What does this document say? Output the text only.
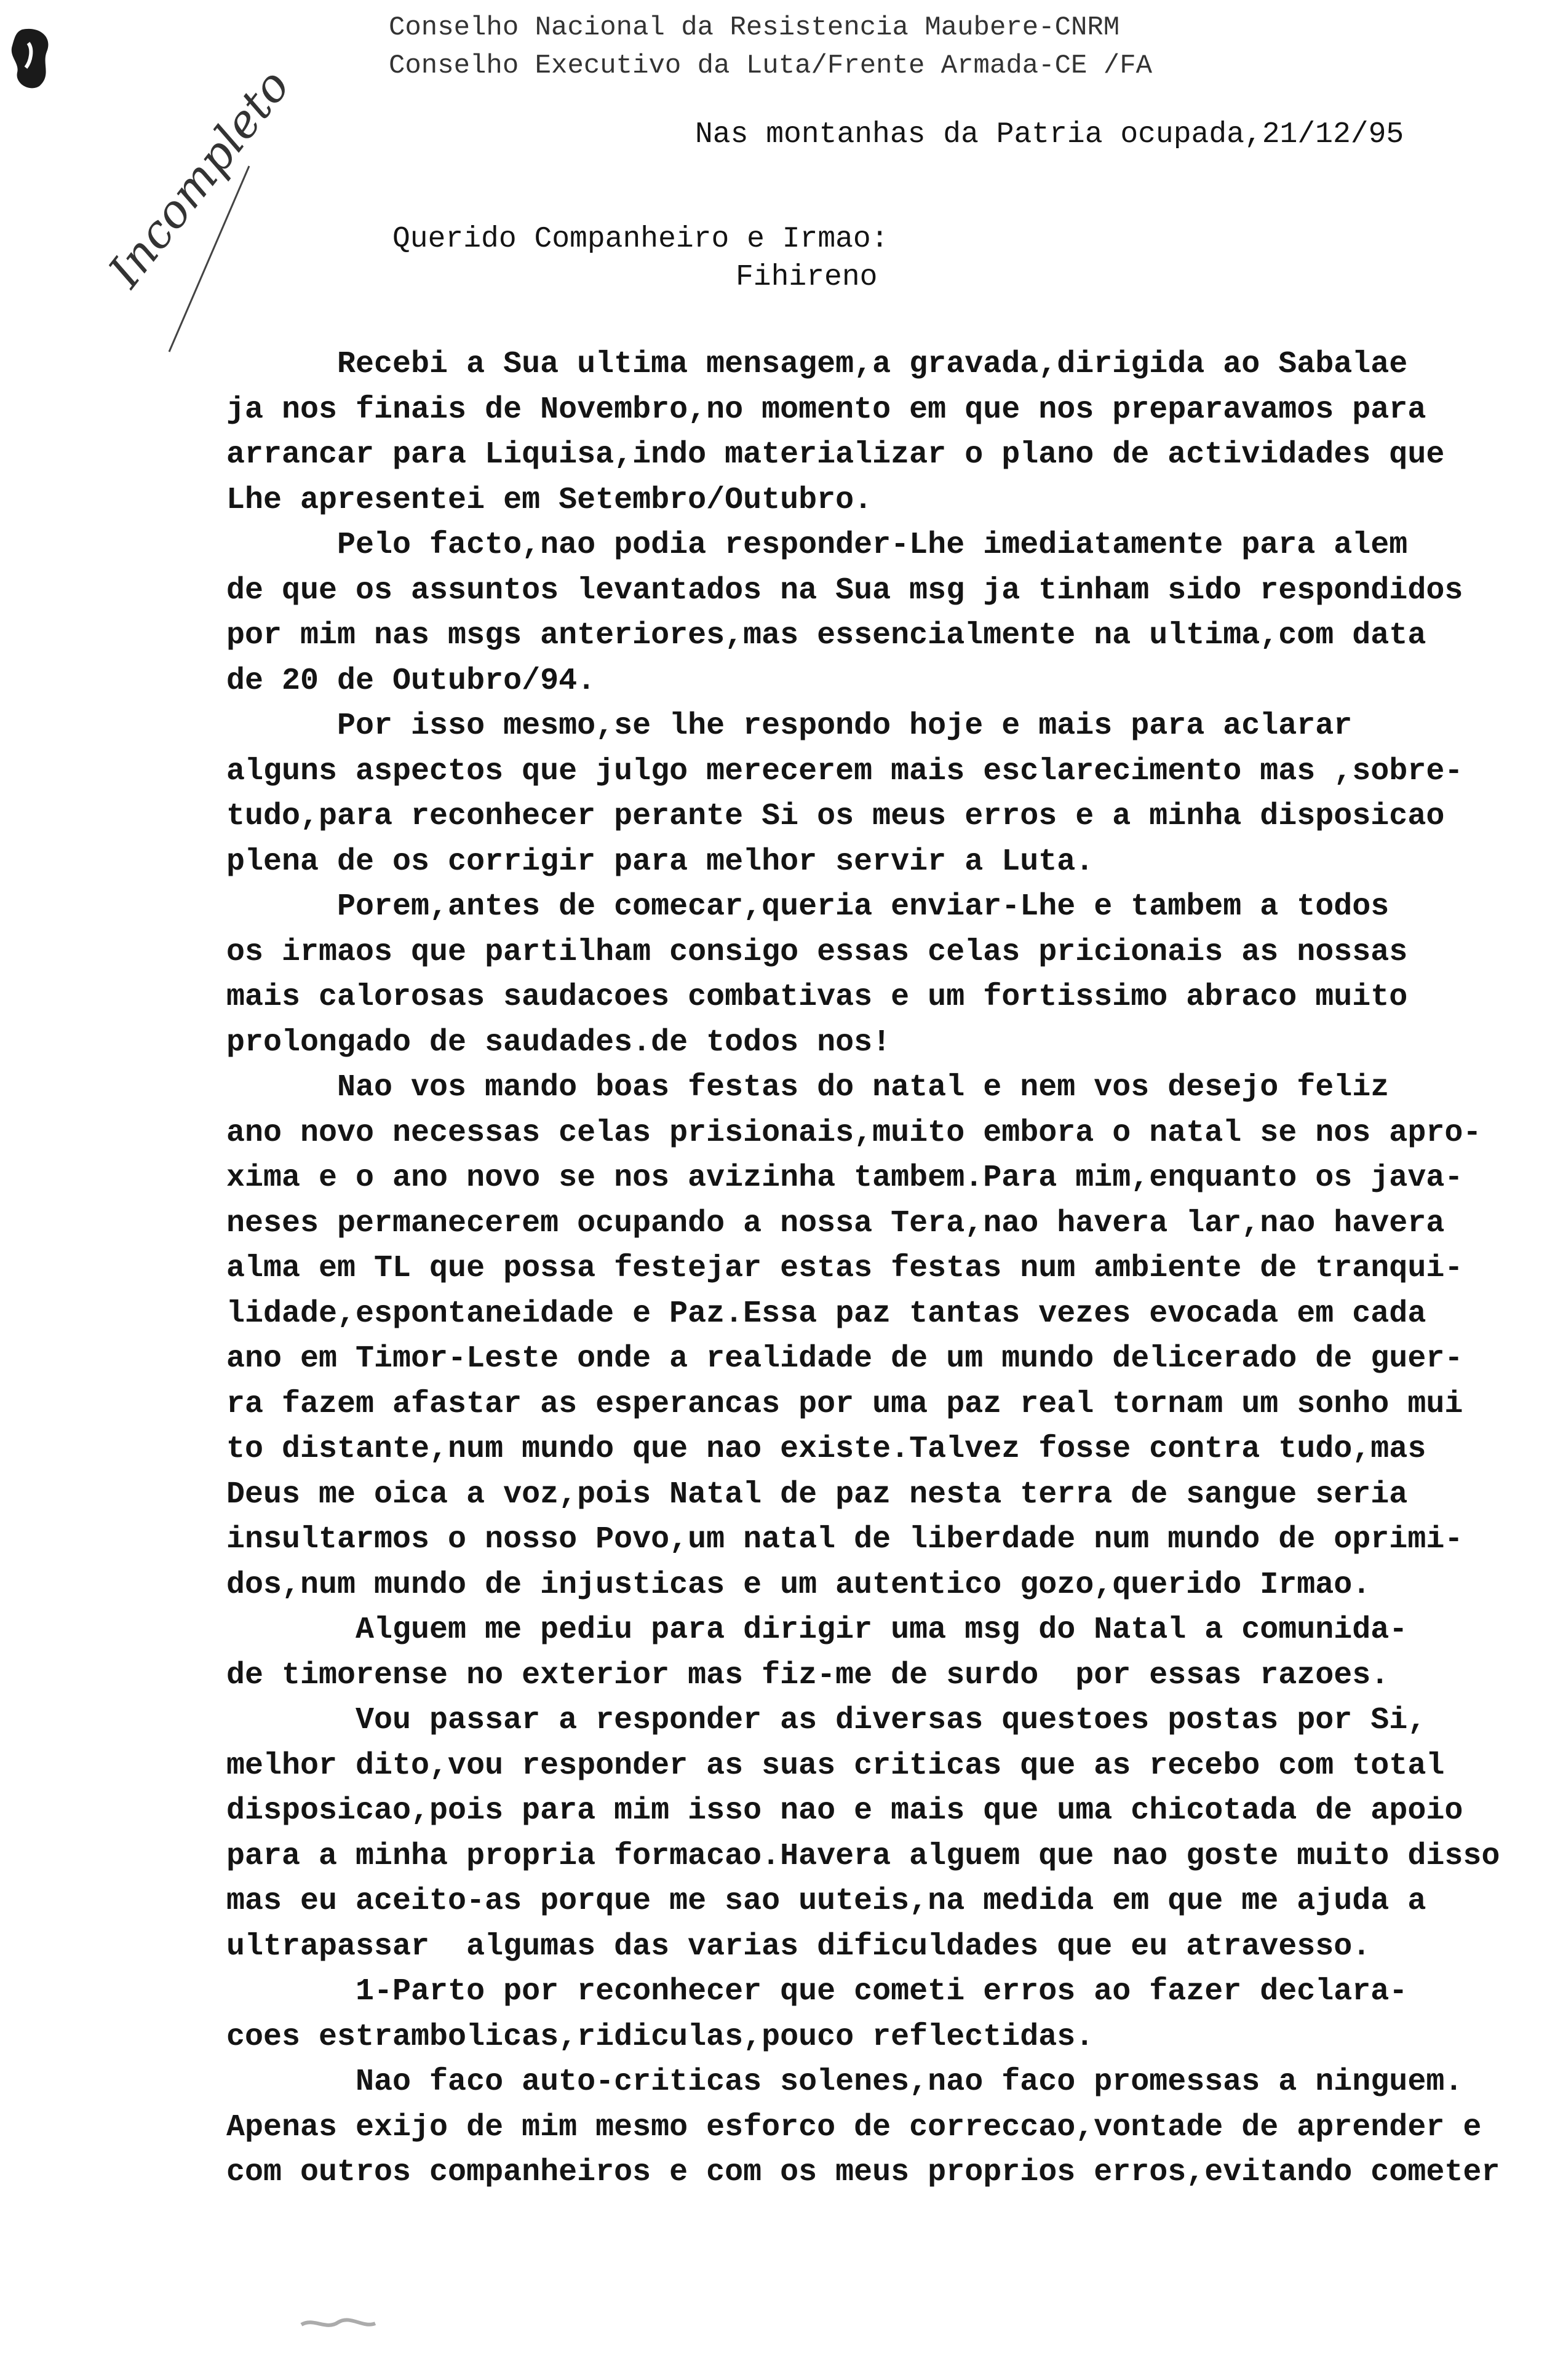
Incompleto
Conselho Nacional da Resistencia Maubere-CNRM
Conselho Executivo da Luta/Frente Armada-CE /FA
Nas montanhas da Patria ocupada,21/12/95
Querido Companheiro e Irmao:
Fihireno
Recebi a Sua ultima mensagem,a gravada,dirigida ao Sabalae
ja nos finais de Novembro,no momento em que nos preparavamos para
arrancar para Liquisa,indo materializar o plano de actividades que
Lhe apresentei em Setembro/Outubro.
Pelo facto,nao podia responder-Lhe imediatamente para alem
de que os assuntos levantados na Sua msg ja tinham sido respondidos
por mim nas msgs anteriores,mas essencialmente na ultima,com data
de 20 de Outubro/94.
Por isso mesmo,se lhe respondo hoje e mais para aclarar
alguns aspectos que julgo merecerem mais esclarecimento mas ,sobre-
tudo,para reconhecer perante Si os meus erros e a minha disposicao
plena de os corrigir para melhor servir a Luta.
Porem,antes de comecar,queria enviar-Lhe e tambem a todos
os irmaos que partilham consigo essas celas pricionais as nossas
mais calorosas saudacoes combativas e um fortissimo abraco muito
prolongado de saudades.de todos nos!
Nao vos mando boas festas do natal e nem vos desejo feliz
ano novo necessas celas prisionais,muito embora o natal se nos apro-
xima e o ano novo se nos avizinha tambem.Para mim,enquanto os java-
neses permanecerem ocupando a nossa Tera,nao havera lar,nao havera
alma em TL que possa festejar estas festas num ambiente de tranqui-
lidade,espontaneidade e Paz.Essa paz tantas vezes evocada em cada
ano em Timor-Leste onde a realidade de um mundo delicerado de guer-
ra fazem afastar as esperancas por uma paz real tornam um sonho mui
to distante,num mundo que nao existe.Talvez fosse contra tudo,mas
Deus me oica a voz,pois Natal de paz nesta terra de sangue seria
insultarmos o nosso Povo,um natal de liberdade num mundo de oprimi-
dos,num mundo de injusticas e um autentico gozo,querido Irmao.
Alguem me pediu para dirigir uma msg do Natal a comunida-
de timorense no exterior mas fiz-me de surdo  por essas razoes.
Vou passar a responder as diversas questoes postas por Si,
melhor dito,vou responder as suas criticas que as recebo com total
disposicao,pois para mim isso nao e mais que uma chicotada de apoio
para a minha propria formacao.Havera alguem que nao goste muito disso
mas eu aceito-as porque me sao uuteis,na medida em que me ajuda a
ultrapassar  algumas das varias dificuldades que eu atravesso.
1-Parto por reconhecer que cometi erros ao fazer declara-
coes estrambolicas,ridiculas,pouco reflectidas.
Nao faco auto-criticas solenes,nao faco promessas a ninguem.
Apenas exijo de mim mesmo esforco de correccao,vontade de aprender e
com outros companheiros e com os meus proprios erros,evitando cometer
